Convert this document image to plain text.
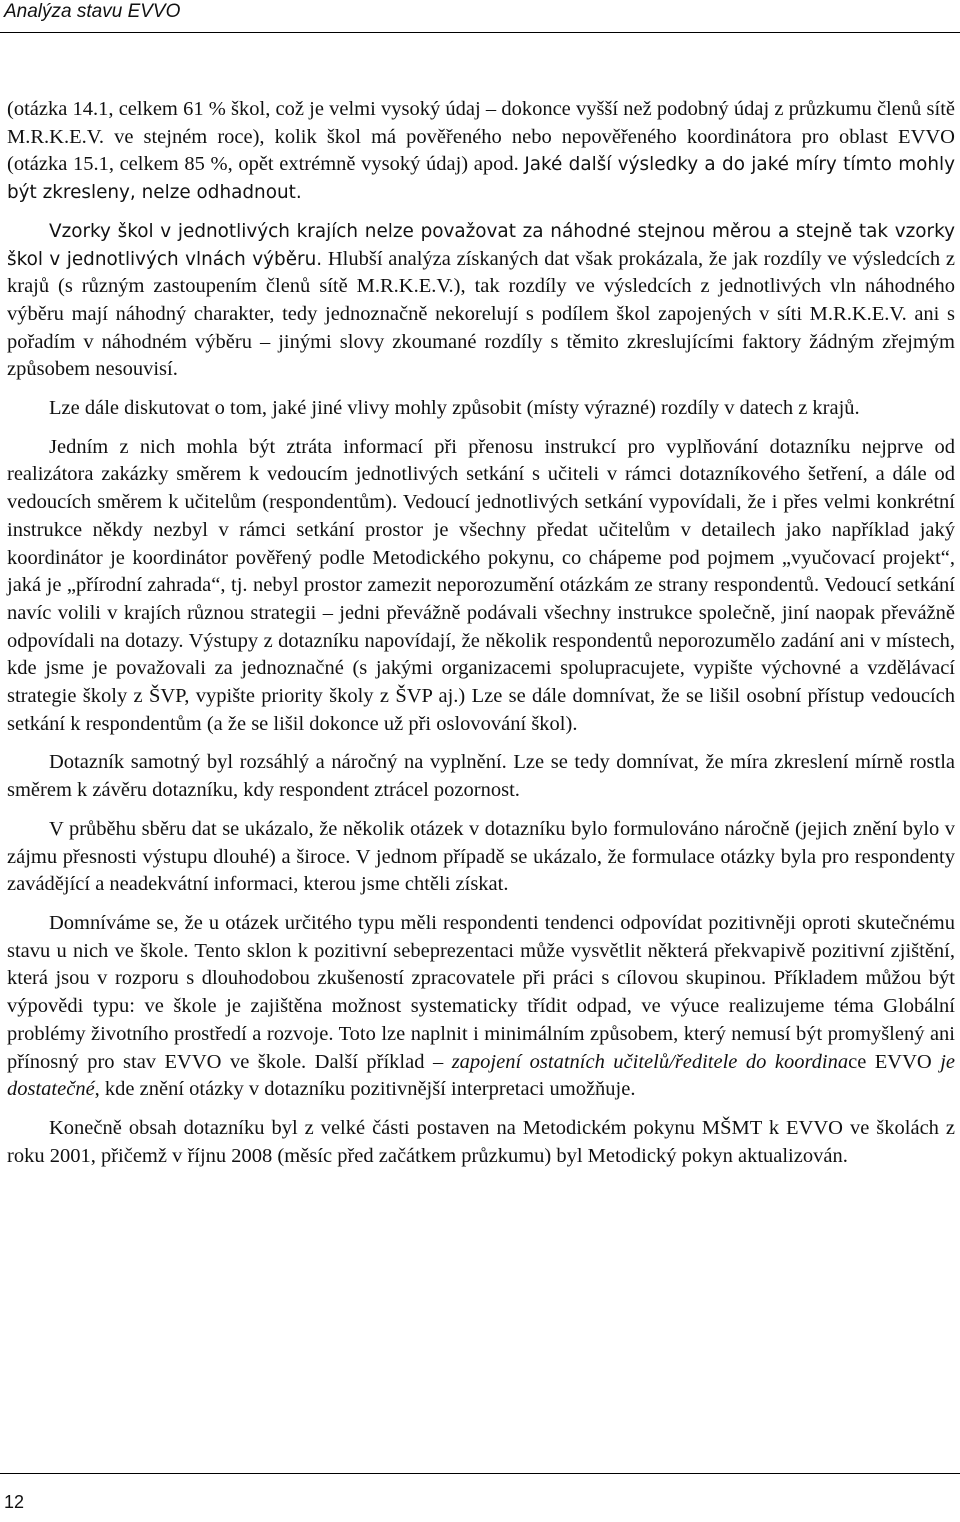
Analýza stavu EVVO

(otázka 14.1, celkem 61 % škol, což je velmi vysoký údaj – dokonce vyšší než podobný údaj z průzkumu členů sítě M.R.K.E.V. ve stejném roce), kolik škol má pověřeného nebo nepověřeného koordinátora pro oblast EVVO (otázka 15.1, celkem 85 %, opět extrémně vysoký údaj) apod. Jaké další výsledky a do jaké míry tímto mohly být zkresleny, nelze odhadnout.

Vzorky škol v jednotlivých krajích nelze považovat za náhodné stejnou měrou a stejně tak vzorky škol v jednotlivých vlnách výběru. Hlubší analýza získaných dat však prokázala, že jak rozdíly ve výsledcích z krajů (s různým zastoupením členů sítě M.R.K.E.V.), tak rozdíly ve výsledcích z jednotlivých vln náhodného výběru mají náhodný charakter, tedy jednoznačně nekorelují s podílem škol zapojených v síti M.R.K.E.V. ani s pořadím v náhodném výběru – jinými slovy zkoumané rozdíly s těmito zkreslujícími faktory žádným zřejmým způsobem nesouvisí.

Lze dále diskutovat o tom, jaké jiné vlivy mohly způsobit (místy výrazné) rozdíly v datech z krajů.

Jedním z nich mohla být ztráta informací při přenosu instrukcí pro vyplňování dotazníku nejprve od realizátora zakázky směrem k vedoucím jednotlivých setkání s učiteli v rámci dotazníkového šetření, a dále od vedoucích směrem k učitelům (respondentům). Vedoucí jednotlivých setkání vypovídali, že i přes velmi konkrétní instrukce někdy nezbyl v rámci setkání prostor je všechny předat učitelům v detailech jako například jaký koordinátor je koordinátor pověřený podle Metodického pokynu, co chápeme pod pojmem „vyučovací projekt“, jaká je „přírodní zahrada“, tj. nebyl prostor zamezit neporozumění otázkám ze strany respondentů. Vedoucí setkání navíc volili v krajích různou strategii – jedni převážně podávali všechny instrukce společně, jiní naopak převážně odpovídali na dotazy. Výstupy z dotazníku napovídají, že několik respondentů neporozumělo zadání ani v místech, kde jsme je považovali za jednoznačné (s jakými organizacemi spolupracujete, vypište výchovné a vzdělávací strategie školy z ŠVP, vypište priority školy z ŠVP aj.) Lze se dále domnívat, že se lišil osobní přístup vedoucích setkání k respondentům (a že se lišil dokonce už při oslovování škol).

Dotazník samotný byl rozsáhlý a náročný na vyplnění. Lze se tedy domnívat, že míra zkreslení mírně rostla směrem k závěru dotazníku, kdy respondent ztrácel pozornost.

V průběhu sběru dat se ukázalo, že několik otázek v dotazníku bylo formulováno náročně (jejich znění bylo v zájmu přesnosti výstupu dlouhé) a široce. V jednom případě se ukázalo, že formulace otázky byla pro respondenty zavádějící a neadekvátní informaci, kterou jsme chtěli získat.

Domníváme se, že u otázek určitého typu měli respondenti tendenci odpovídat pozitivněji oproti skutečnému stavu u nich ve škole. Tento sklon k pozitivní sebeprezentaci může vysvětlit některá překvapivě pozitivní zjištění, která jsou v rozporu s dlouhodobou zkušeností zpracovatele při práci s cílovou skupinou. Příkladem můžou být výpovědi typu: ve škole je zajištěna možnost systematicky třídit odpad, ve výuce realizujeme téma Globální problémy životního prostředí a rozvoje. Toto lze naplnit i minimálním způsobem, který nemusí být promyšlený ani přínosný pro stav EVVO ve škole. Další příklad – zapojení ostatních učitelů/ředitele do koordinace EVVO je dostatečné, kde znění otázky v dotazníku pozitivnější interpretaci umožňuje.

Konečně obsah dotazníku byl z velké části postaven na Metodickém pokynu MŠMT k EVVO ve školách z roku 2001, přičemž v říjnu 2008 (měsíc před začátkem průzkumu) byl Metodický pokyn aktualizován.

12
